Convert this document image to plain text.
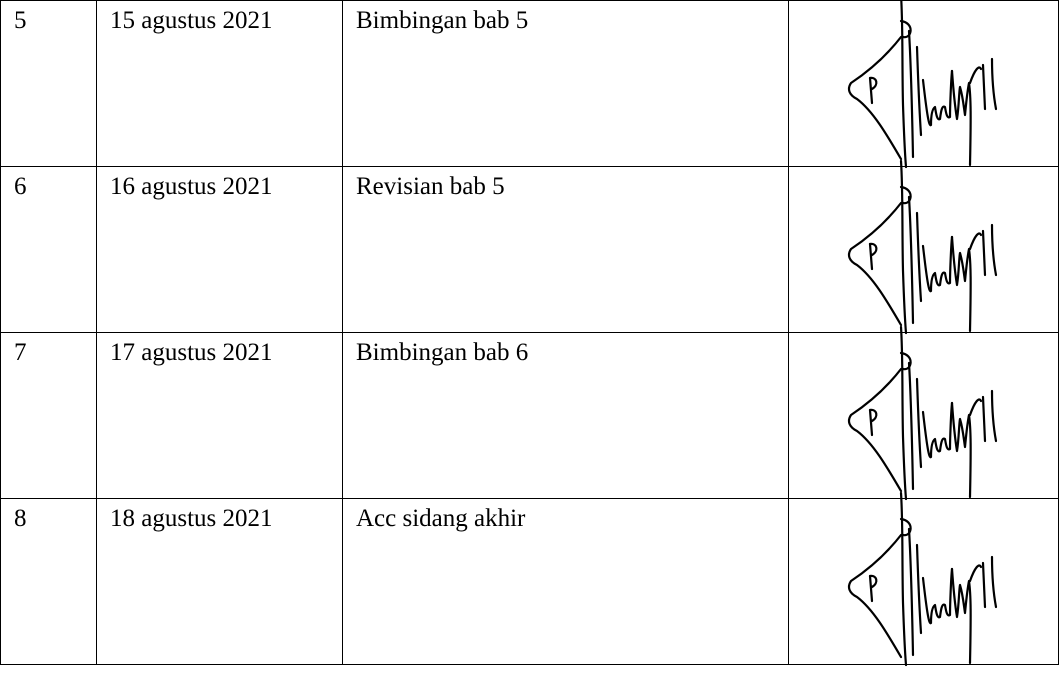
5	15 agustus 2021	Bimbingan bab 5	

6	16 agustus 2021	Revisian bab 5	

7	17 agustus 2021	Bimbingan bab 6	

8	18 agustus 2021	Acc sidang akhir	
